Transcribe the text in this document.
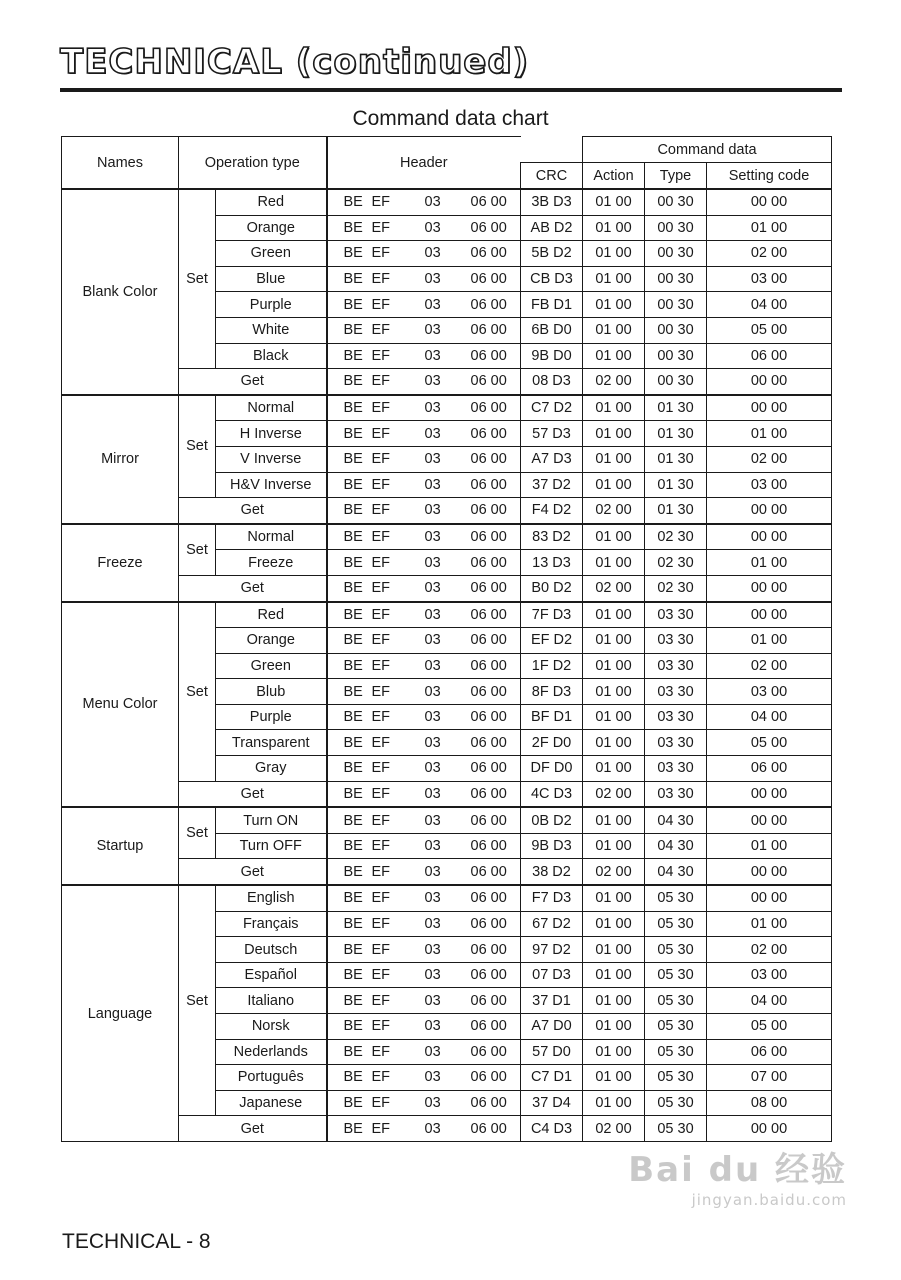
TECHNICAL (continued)
Command data chart
Names	Operation type		Header		Command data		
				CRC	Action	Type	Setting code
Blank Color	Set	Red	BE EF 03 06 00	3B D3	01 00	00 30	00 00
		Orange	BE EF 03 06 00	AB D2	01 00	00 30	01 00
		Green	BE EF 03 06 00	5B D2	01 00	00 30	02 00
		Blue	BE EF 03 06 00	CB D3	01 00	00 30	03 00
		Purple	BE EF 03 06 00	FB D1	01 00	00 30	04 00
		White	BE EF 03 06 00	6B D0	01 00	00 30	05 00
		Black	BE EF 03 06 00	9B D0	01 00	00 30	06 00
	Get		BE EF 03 06 00	08 D3	02 00	00 30	00 00
Mirror	Set	Normal	BE EF 03 06 00	C7 D2	01 00	01 30	00 00
		H Inverse	BE EF 03 06 00	57 D3	01 00	01 30	01 00
		V Inverse	BE EF 03 06 00	A7 D3	01 00	01 30	02 00
		H&V Inverse	BE EF 03 06 00	37 D2	01 00	01 30	03 00
	Get		BE EF 03 06 00	F4 D2	02 00	01 30	00 00
Freeze	Set	Normal	BE EF 03 06 00	83 D2	01 00	02 30	00 00
		Freeze	BE EF 03 06 00	13 D3	01 00	02 30	01 00
	Get		BE EF 03 06 00	B0 D2	02 00	02 30	00 00
Menu Color	Set	Red	BE EF 03 06 00	7F D3	01 00	03 30	00 00
		Orange	BE EF 03 06 00	EF D2	01 00	03 30	01 00
		Green	BE EF 03 06 00	1F D2	01 00	03 30	02 00
		Blub	BE EF 03 06 00	8F D3	01 00	03 30	03 00
		Purple	BE EF 03 06 00	BF D1	01 00	03 30	04 00
		Transparent	BE EF 03 06 00	2F D0	01 00	03 30	05 00
		Gray	BE EF 03 06 00	DF D0	01 00	03 30	06 00
	Get		BE EF 03 06 00	4C D3	02 00	03 30	00 00
Startup	Set	Turn ON	BE EF 03 06 00	0B D2	01 00	04 30	00 00
		Turn OFF	BE EF 03 06 00	9B D3	01 00	04 30	01 00
	Get		BE EF 03 06 00	38 D2	02 00	04 30	00 00
Language	Set	English	BE EF 03 06 00	F7 D3	01 00	05 30	00 00
		Français	BE EF 03 06 00	67 D2	01 00	05 30	01 00
		Deutsch	BE EF 03 06 00	97 D2	01 00	05 30	02 00
		Español	BE EF 03 06 00	07 D3	01 00	05 30	03 00
		Italiano	BE EF 03 06 00	37 D1	01 00	05 30	04 00
		Norsk	BE EF 03 06 00	A7 D0	01 00	05 30	05 00
		Nederlands	BE EF 03 06 00	57 D0	01 00	05 30	06 00
		Português	BE EF 03 06 00	C7 D1	01 00	05 30	07 00
		Japanese	BE EF 03 06 00	37 D4	01 00	05 30	08 00
	Get		BE EF 03 06 00	C4 D3	02 00	05 30	00 00
Bai du 经验
jingyan.baidu.com
TECHNICAL - 8
